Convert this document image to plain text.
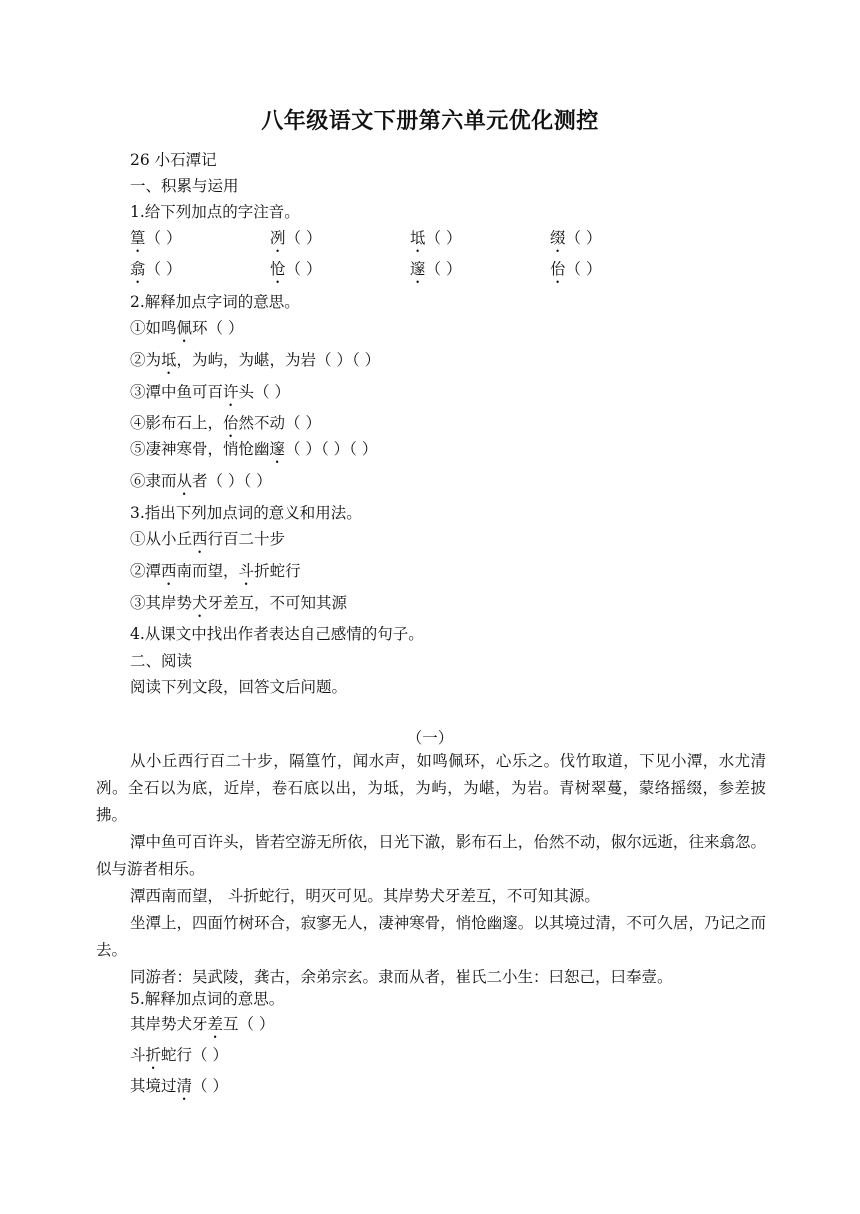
八年级语文下册第六单元优化测控
26 小石潭记
一、积累与运用
1.给下列加点的字注音。
篁（ ）	冽（ ）	坻（ ）	缀（ ）
翕（ ）	怆（ ）	邃（ ）	佁（ ）
2.解释加点字词的意思。
①如鸣佩环（ ）
②为坻，为屿，为嵁，为岩（ ）（ ）
③潭中鱼可百许头（ ）
④影布石上，佁然不动（ ）
⑤凄神寒骨，悄怆幽邃（ ）（ ）（ ）
⑥隶而从者（ ）（ ）
3.指出下列加点词的意义和用法。
①从小丘西行百二十步
②潭西南而望，斗折蛇行
③其岸势犬牙差互，不可知其源
4.从课文中找出作者表达自己感情的句子。
二、阅读
阅读下列文段，回答文后问题。
（一）
从小丘西行百二十步，隔篁竹，闻水声，如鸣佩环，心乐之。伐竹取道，下见小潭，水尤清冽。全石以为底，近岸，卷石底以出，为坻，为屿，为嵁，为岩。青树翠蔓，蒙络摇缀，参差披拂。
潭中鱼可百许头，皆若空游无所依，日光下澈，影布石上，佁然不动，俶尔远逝，往来翕忽。似与游者相乐。
潭西南而望， 斗折蛇行，明灭可见。其岸势犬牙差互，不可知其源。
坐潭上，四面竹树环合，寂寥无人，凄神寒骨，悄怆幽邃。以其境过清，不可久居，乃记之而去。
同游者：吴武陵，龚古，余弟宗玄。隶而从者，崔氏二小生：曰恕己，曰奉壹。
5.解释加点词的意思。
其岸势犬牙差互（ ）
斗折蛇行（ ）
其境过清（ ）
